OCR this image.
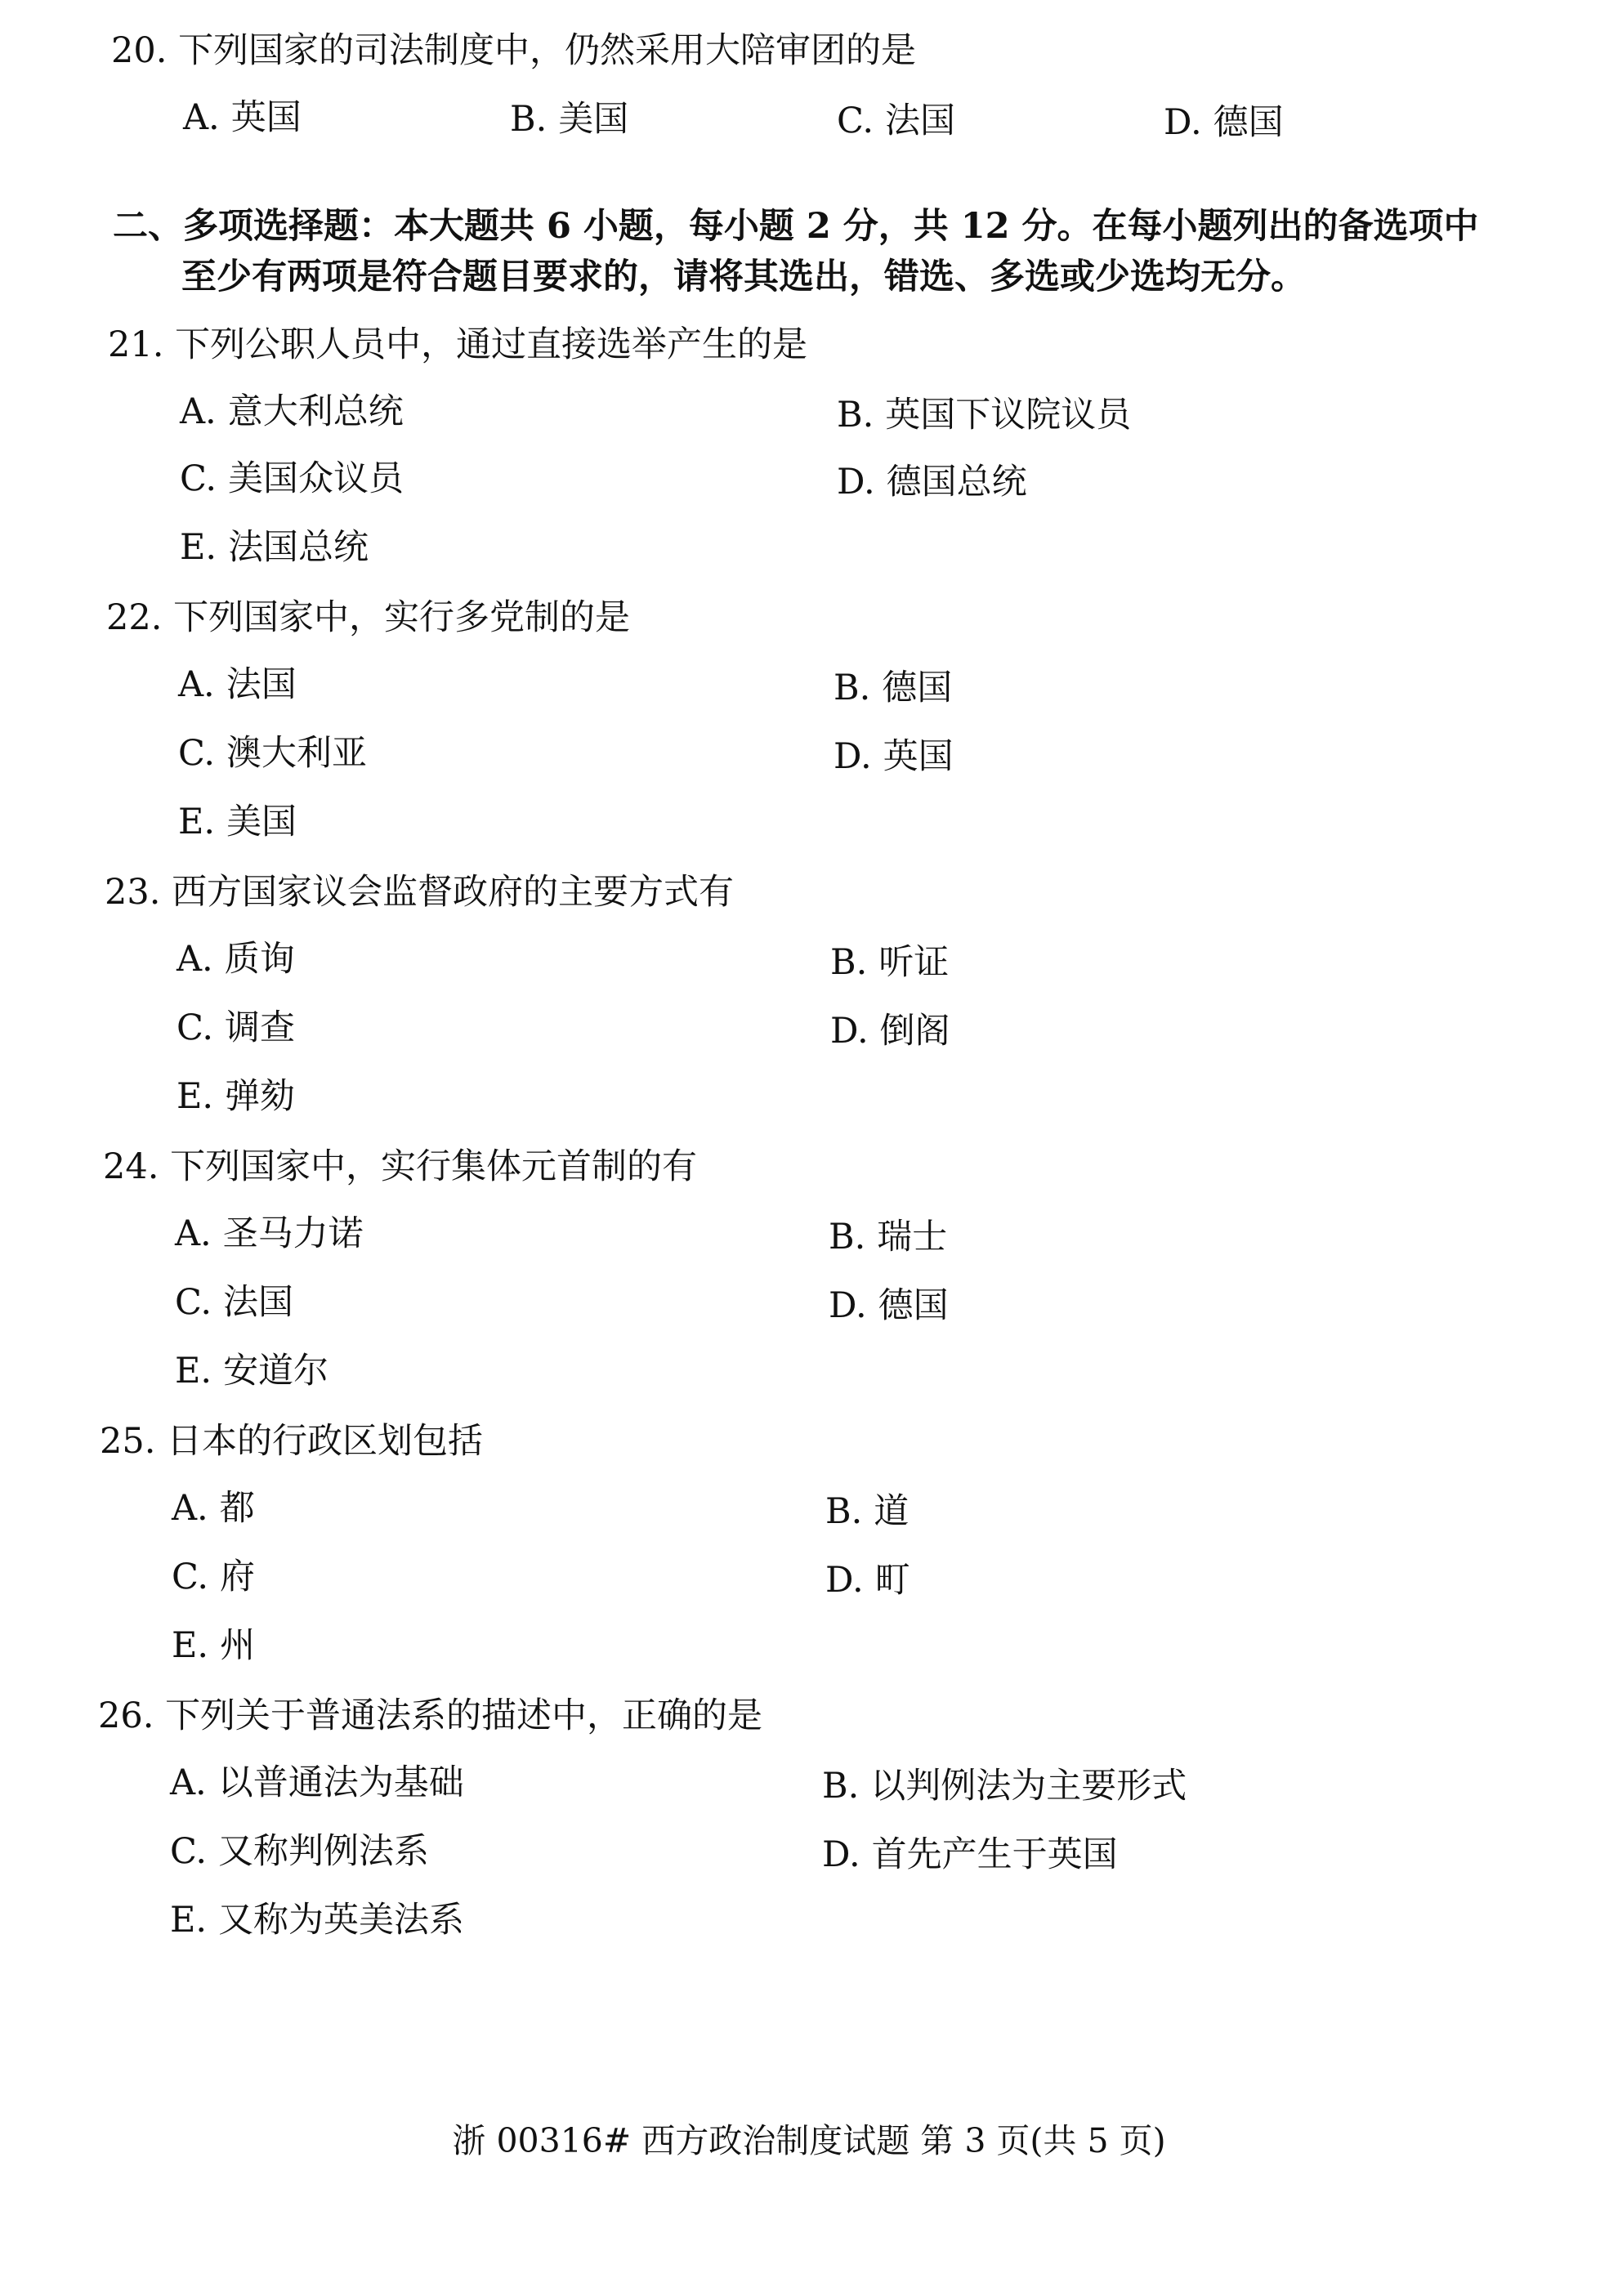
20. 下列国家的司法制度中，仍然采用大陪审团的是
A. 英国	B. 美国	C. 法国	D. 德国
二、多项选择题：本大题共 6 小题，每小题 2 分，共 12 分。在每小题列出的备选项中
至少有两项是符合题目要求的，请将其选出，错选、多选或少选均无分。
21. 下列公职人员中，通过直接选举产生的是
A. 意大利总统	B. 英国下议院议员
C. 美国众议员	D. 德国总统
E. 法国总统
22. 下列国家中，实行多党制的是
A. 法国	B. 德国
C. 澳大利亚	D. 英国
E. 美国
23. 西方国家议会监督政府的主要方式有
A. 质询	B. 听证
C. 调查	D. 倒阁
E. 弹劾
24. 下列国家中，实行集体元首制的有
A. 圣马力诺	B. 瑞士
C. 法国	D. 德国
E. 安道尔
25. 日本的行政区划包括
A. 都	B. 道
C. 府	D. 町
E. 州
26. 下列关于普通法系的描述中，正确的是
A. 以普通法为基础	B. 以判例法为主要形式
C. 又称判例法系	D. 首先产生于英国
E. 又称为英美法系
浙 00316# 西方政治制度试题 第 3 页(共 5 页)
